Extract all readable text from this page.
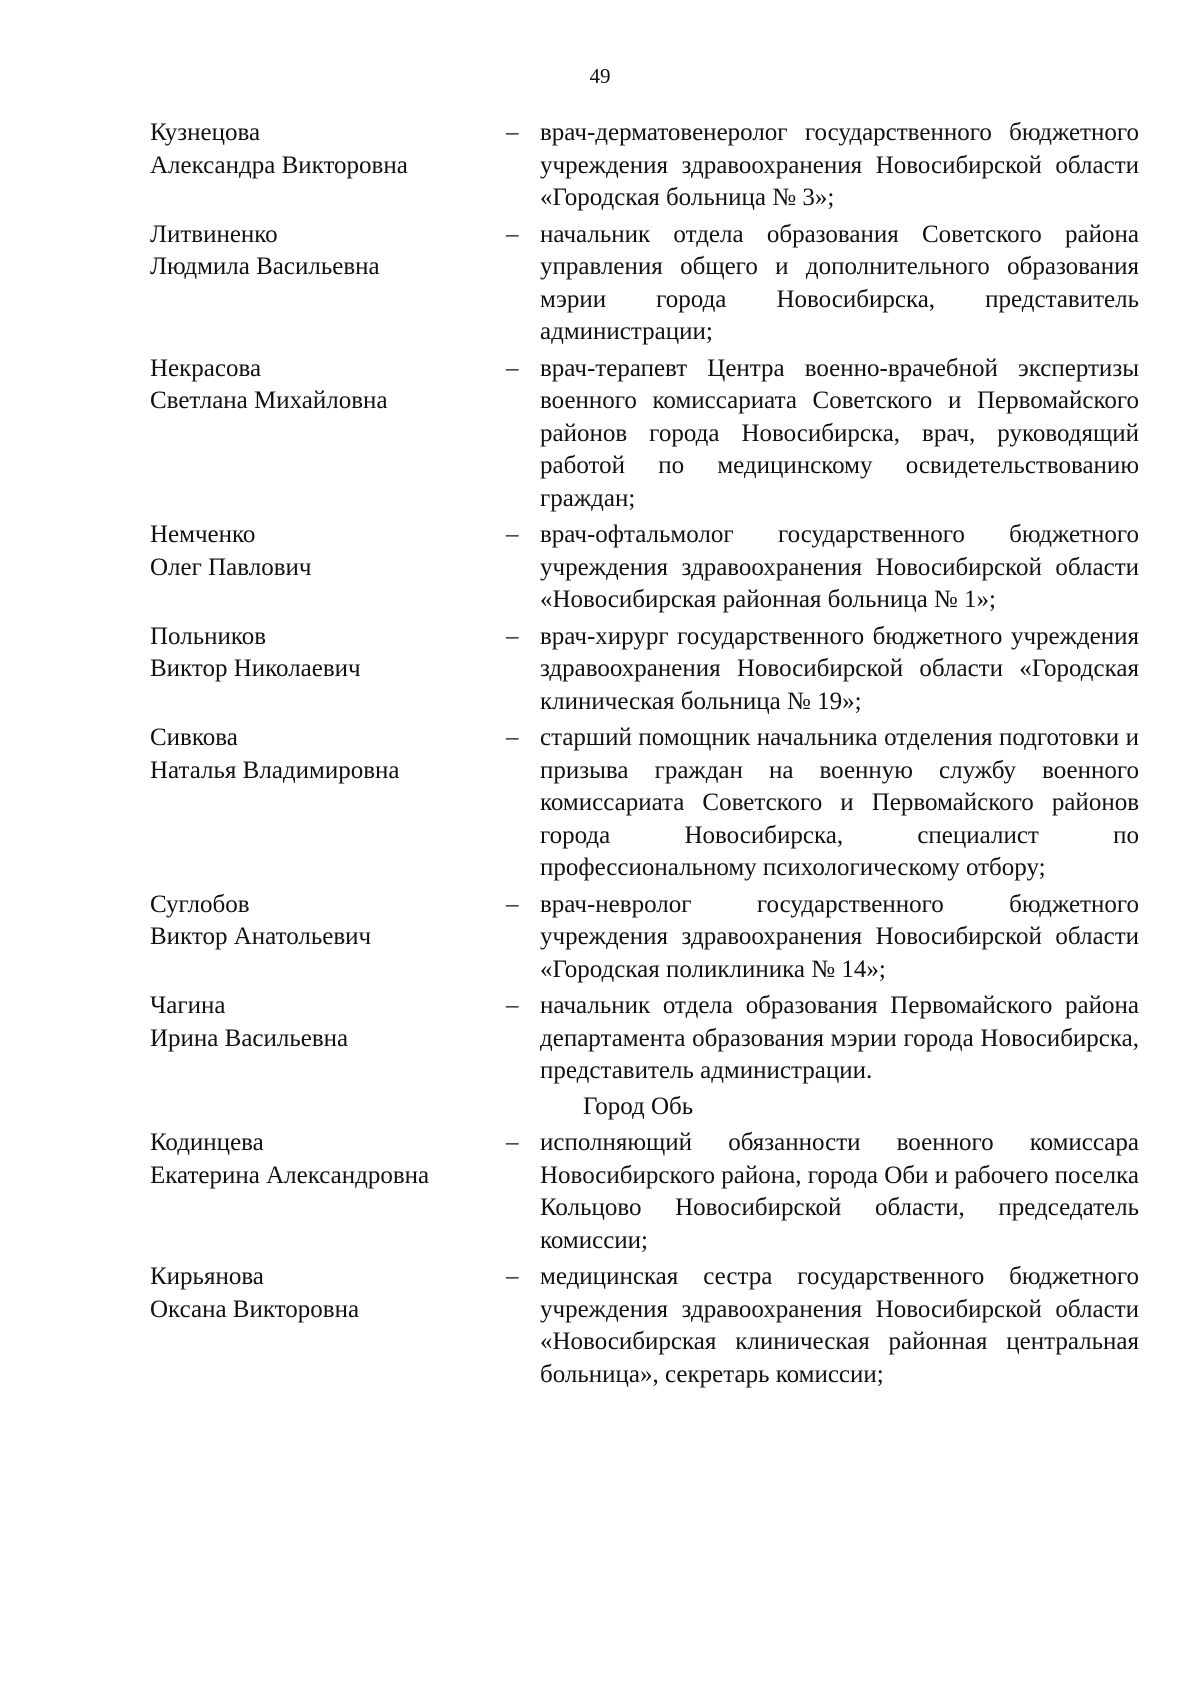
49
Кузнецова
Александра Викторовна
– врач-дерматовенеролог государственного бюджетного учреждения здравоохранения Новосибирской области «Городская больница № 3»;
Литвиненко
Людмила Васильевна
– начальник отдела образования Советского района управления общего и дополнительного образования мэрии города Новосибирска, представитель администрации;
Некрасова
Светлана Михайловна
– врач-терапевт Центра военно-врачебной экспертизы военного комиссариата Советского и Первомайского районов города Новосибирска, врач, руководящий работой по медицинскому освидетельствованию граждан;
Немченко
Олег Павлович
– врач-офтальмолог государственного бюджетного учреждения здравоохранения Новосибирской области «Новосибирская районная больница № 1»;
Польников
Виктор Николаевич
– врач-хирург государственного бюджетного учреждения здравоохранения Новосибирской области «Городская клиническая больница № 19»;
Сивкова
Наталья Владимировна
– старший помощник начальника отделения подготовки и призыва граждан на военную службу военного комиссариата Советского и Первомайского районов города Новосибирска, специалист по профессиональному психологическому отбору;
Суглобов
Виктор Анатольевич
– врач-невролог государственного бюджетного учреждения здравоохранения Новосибирской области «Городская поликлиника № 14»;
Чагина
Ирина Васильевна
– начальник отдела образования Первомайского района департамента образования мэрии города Новосибирска, представитель администрации.
Город Обь
Кодинцева
Екатерина Александровна
– исполняющий обязанности военного комиссара Новосибирского района, города Оби и рабочего поселка Кольцово Новосибирской области, председатель комиссии;
Кирьянова
Оксана Викторовна
– медицинская сестра государственного бюджетного учреждения здравоохранения Новосибирской области «Новосибирская клиническая районная центральная больница», секретарь комиссии;
